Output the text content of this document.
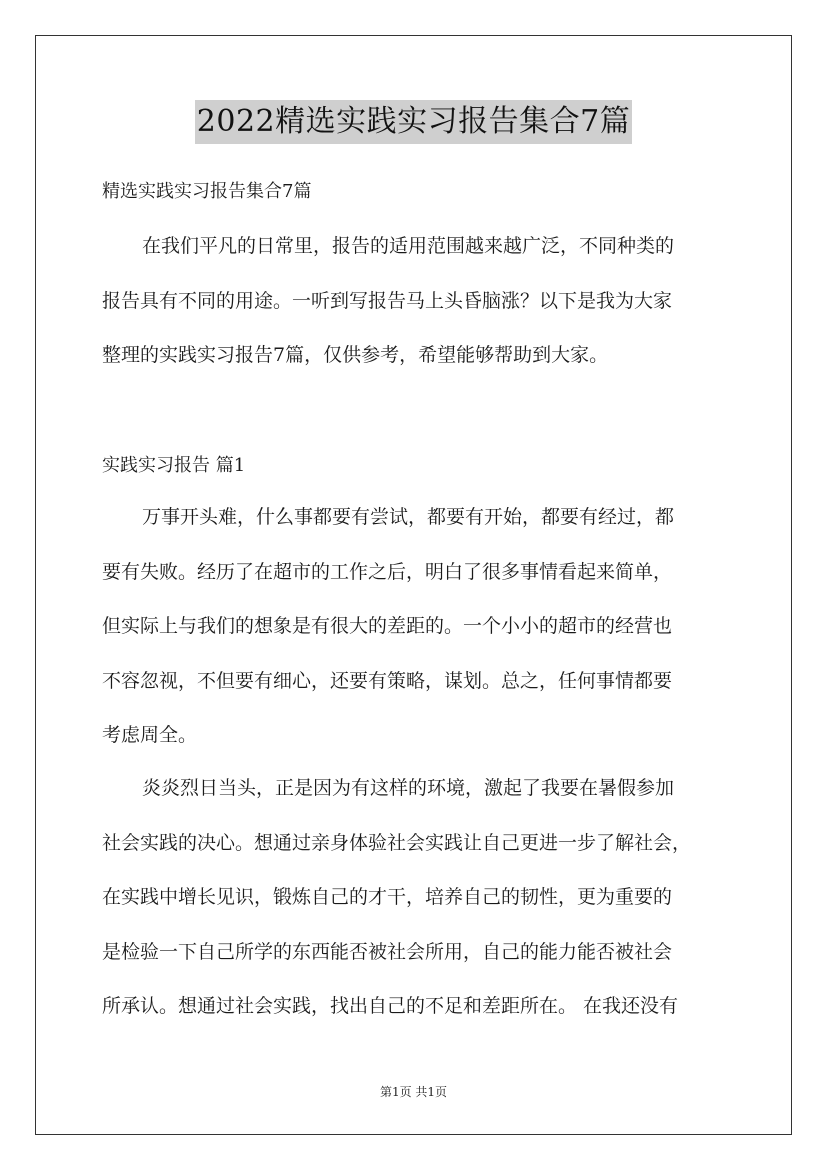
2022精选实践实习报告集合7篇
精选实践实习报告集合7篇
在我们平凡的日常里，报告的适用范围越来越广泛，不同种类的
报告具有不同的用途。一听到写报告马上头昏脑涨？以下是我为大家
整理的实践实习报告7篇，仅供参考，希望能够帮助到大家。
实践实习报告 篇1
万事开头难，什么事都要有尝试，都要有开始，都要有经过，都
要有失败。经历了在超市的工作之后，明白了很多事情看起来简单，
但实际上与我们的想象是有很大的差距的。一个小小的超市的经营也
不容忽视，不但要有细心，还要有策略，谋划。总之，任何事情都要
考虑周全。
炎炎烈日当头，正是因为有这样的环境，激起了我要在暑假参加
社会实践的决心。想通过亲身体验社会实践让自己更进一步了解社会，
在实践中增长见识，锻炼自己的才干，培养自己的韧性，更为重要的
是检验一下自己所学的东西能否被社会所用，自己的能力能否被社会
所承认。想通过社会实践，找出自己的不足和差距所在。 在我还没有
第1页 共1页
